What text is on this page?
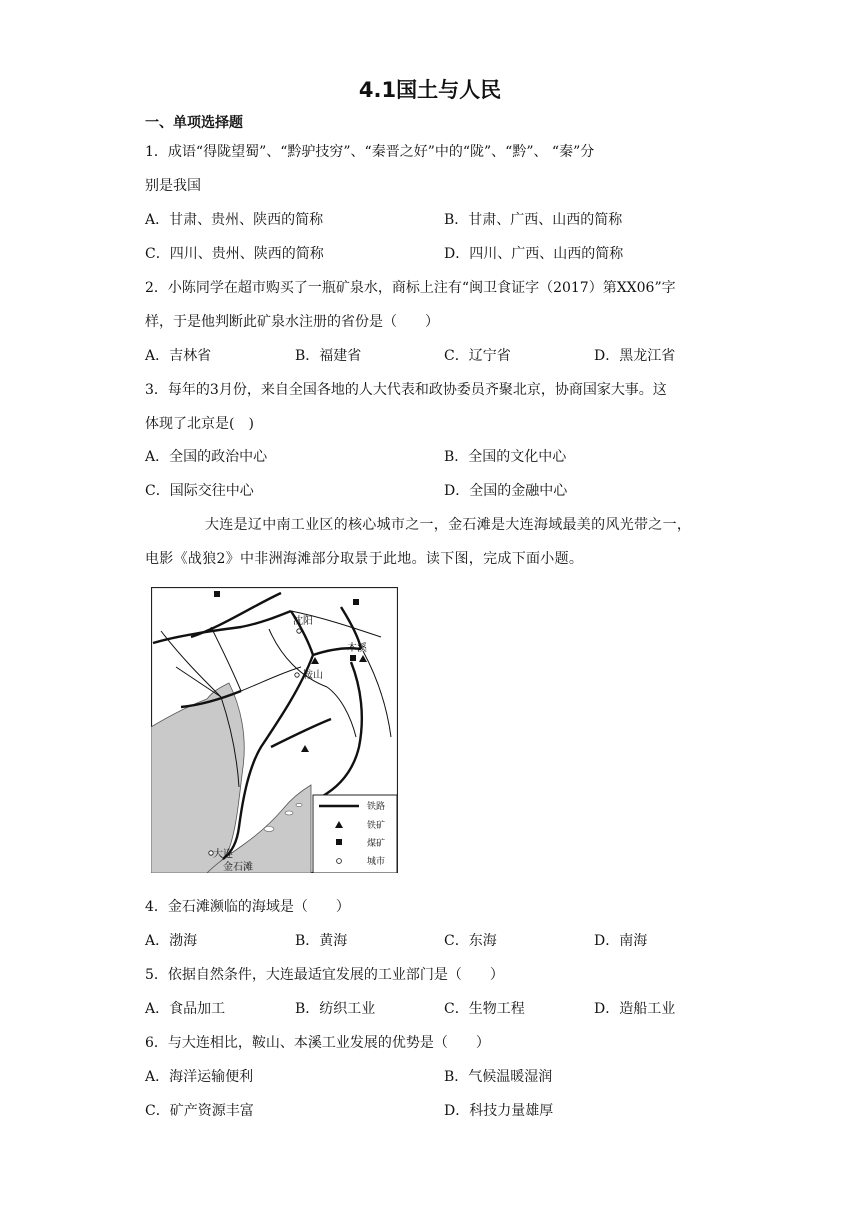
4.1国土与人民
一、单项选择题
1．成语“得陇望蜀”、“黔驴技穷”、“秦晋之好”中的“陇”、“黔”、 “秦”分
别是我国
A．甘肃、贵州、陕西的简称	B．甘肃、广西、山西的简称
C．四川、贵州、陕西的简称	D．四川、广西、山西的简称
2．小陈同学在超市购买了一瓶矿泉水，商标上注有“闽卫食证字（2017）第XX06”字
样，于是他判断此矿泉水注册的省份是（　　）
A．吉林省	B．福建省	C．辽宁省	D．黑龙江省
3．每年的3月份，来自全国各地的人大代表和政协委员齐聚北京，协商国家大事。这
体现了北京是(　)
A．全国的政治中心	B．全国的文化中心
C．国际交往中心	D．全国的金融中心
大连是辽中南工业区的核心城市之一，金石滩是大连海域最美的风光带之一，
电影《战狼2》中非洲海滩部分取景于此地。读下图，完成下面小题。
沈阳
本溪
鞍山
大连
金石滩
铁路
铁矿
煤矿
城市
4．金石滩濒临的海域是（　　）
A．渤海	B．黄海	C．东海	D．南海
5．依据自然条件，大连最适宜发展的工业部门是（　　）
A．食品加工	B．纺织工业	C．生物工程	D．造船工业
6．与大连相比，鞍山、本溪工业发展的优势是（　　）
A．海洋运输便利	B．气候温暖湿润
C．矿产资源丰富	D．科技力量雄厚
